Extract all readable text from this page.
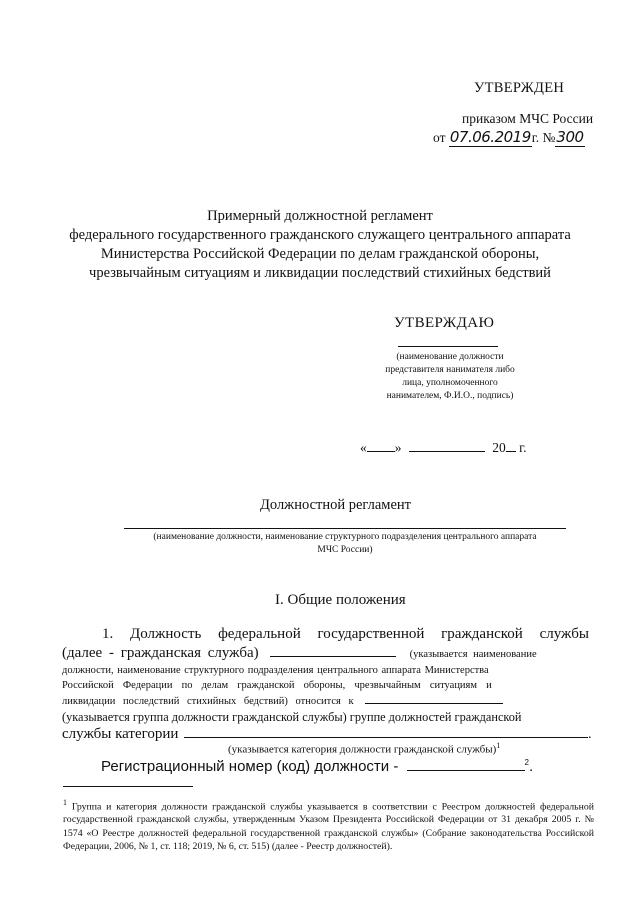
УТВЕРЖДЕН
приказом МЧС России
от 07.06.2019г. №300
Примерный должностной регламент
федерального государственного гражданского служащего центрального аппарата
Министерства Российской Федерации по делам гражданской обороны,
чрезвычайным ситуациям и ликвидации последствий стихийных бедствий
УТВЕРЖДАЮ
(наименование должности
представителя нанимателя либо
лица, уполномоченного
нанимателем, Ф.И.О., подпись)
« »	20 г.
Должностной регламент
(наименование должности, наименование структурного подразделения центрального аппарата
МЧС России)
I. Общие положения
1. Должность федеральной государственной гражданской службы
(далее - гражданская служба)	(указывается наименование
должности, наименование структурного подразделения центрального аппарата Министерства
Российской Федерации по делам гражданской обороны, чрезвычайным ситуациям и
ликвидации последствий стихийных бедствий) относится к
(указывается группа должности гражданской службы) группе должностей гражданской
службы категории	.
(указывается категория должности гражданской службы)$^1$
Регистрационный номер (код) должности -	$^2$.
$^1$ Группа и категория должности гражданской службы указывается в соответствии с Реестром должностей федеральной государственной гражданской службы, утвержденным Указом Президента Российской Федерации от 31 декабря 2005 г. № 1574 «О Реестре должностей федеральной государственной гражданской службы» (Собрание законодательства Российской Федерации, 2006, № 1, ст. 118; 2019, № 6, ст. 515) (далее - Реестр должностей).
